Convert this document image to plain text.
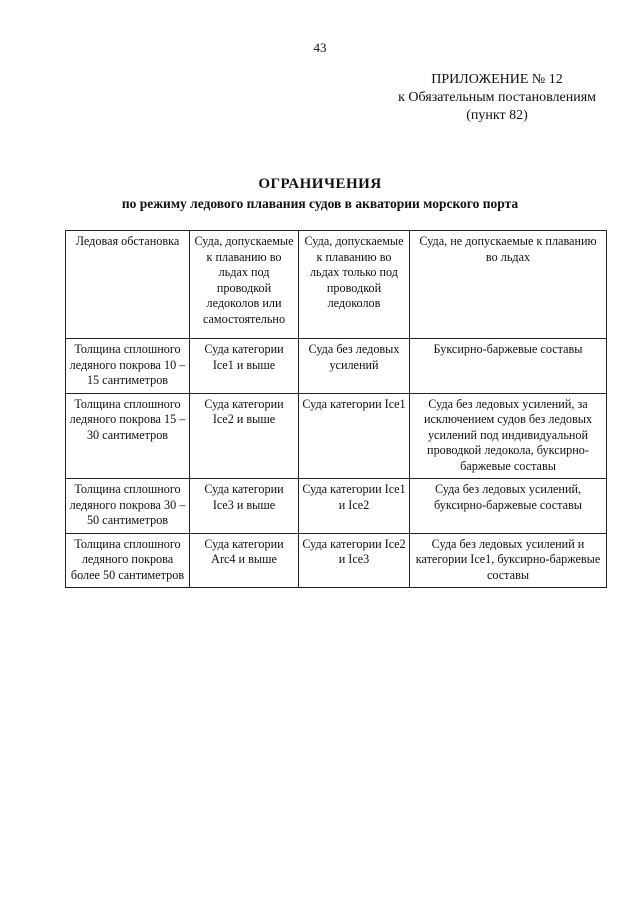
43
ПРИЛОЖЕНИЕ № 12
к Обязательным постановлениям
(пункт 82)
ОГРАНИЧЕНИЯ
по режиму ледового плавания судов в акватории морского порта
Ледовая обстановка	Суда, допускаемые к плаванию во льдах под проводкой ледоколов или самостоятельно	Суда, допускаемые к плаванию во льдах только под проводкой ледоколов	Суда, не допускаемые к плаванию во льдах
Толщина сплошного ледяного покрова 10 – 15 сантиметров	Суда категории Ice1 и выше	Суда без ледовых усилений	Буксирно-баржевые составы
Толщина сплошного ледяного покрова 15 – 30 сантиметров	Суда категории Ice2 и выше	Суда категории Ice1	Суда без ледовых усилений, за исключением судов без ледовых усилений под индивидуальной проводкой ледокола, буксирно-баржевые составы
Толщина сплошного ледяного покрова 30 – 50 сантиметров	Суда категории Ice3 и выше	Суда категории Ice1 и Ice2	Суда без ледовых усилений, буксирно-баржевые составы
Толщина сплошного ледяного покрова более 50 сантиметров	Суда категории Arc4 и выше	Суда категории Ice2 и Ice3	Суда без ледовых усилений и категории Ice1, буксирно-баржевые составы
